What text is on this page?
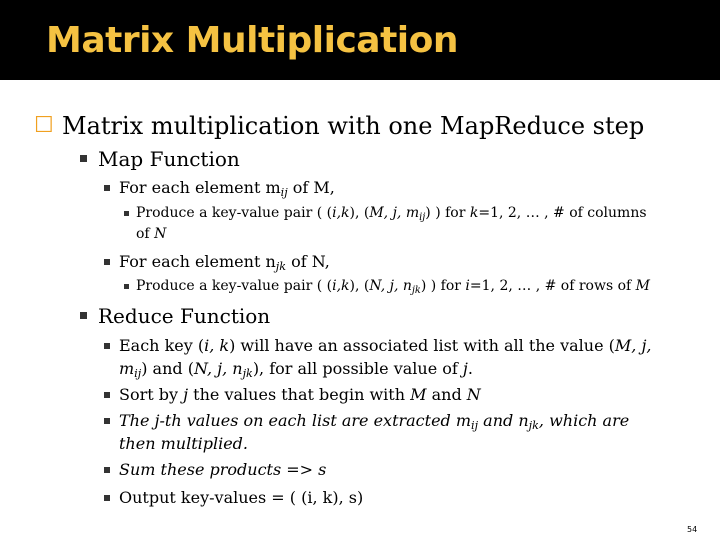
Matrix Multiplication
☐ Matrix multiplication with one MapReduce step
Map Function
For each element $m_{ij}$ of M,
Produce a key-value pair ( (i,k), (M, j, $m_{ij}$) ) for k=1, 2, … , # of columns
of N
For each element $n_{jk}$ of N,
Produce a key-value pair ( (i,k), (N, j, $n_{jk}$) ) for i=1, 2, … , # of rows of M
Reduce Function
Each key (i, k) will have an associated list with all the value (M, j,
$m_{ij}$) and (N, j, $n_{jk}$), for all possible value of j.
Sort by j the values that begin with M and N
The j-th values on each list are extracted $m_{ij}$ and $n_{jk}$, which are
then multiplied.
Sum these products => s
Output key-values = ( (i, k), s)
54
